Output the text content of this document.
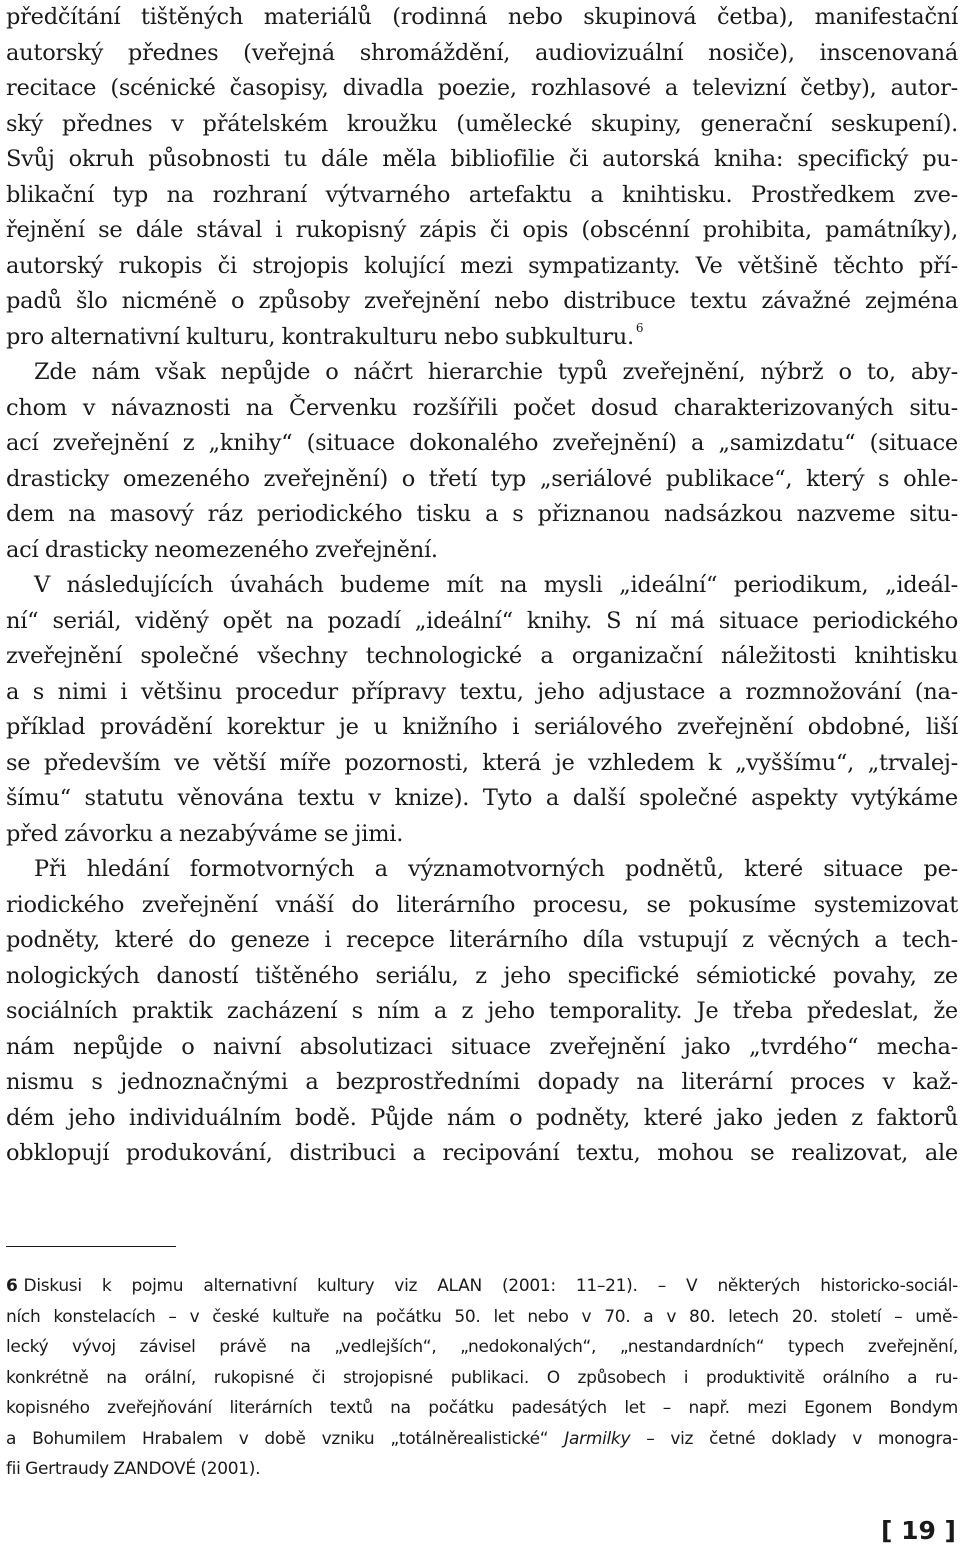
předčítání tištěných materiálů (rodinná nebo skupinová četba), manifestační
autorský přednes (veřejná shromáždění, audiovizuální nosiče), inscenovaná
recitace (scénické časopisy, divadla poezie, rozhlasové a televizní četby), autor-
ský přednes v přátelském kroužku (umělecké skupiny, generační seskupení).
Svůj okruh působnosti tu dále měla bibliofilie či autorská kniha: specifický pu-
blikační typ na rozhraní výtvarného artefaktu a knihtisku. Prostředkem zve-
řejnění se dále stával i rukopisný zápis či opis (obscénní prohibita, památníky),
autorský rukopis či strojopis kolující mezi sympatizanty. Ve většině těchto pří-
padů šlo nicméně o způsoby zveřejnění nebo distribuce textu závažné zejména
pro alternativní kulturu, kontrakulturu nebo subkulturu. $^6$
Zde nám však nepůjde o náčrt hierarchie typů zveřejnění, nýbrž o to, aby-
chom v návaznosti na Červenku rozšířili počet dosud charakterizovaných situ-
ací zveřejnění z „knihy“ (situace dokonalého zveřejnění) a „samizdatu“ (situace
drasticky omezeného zveřejnění) o třetí typ „seriálové publikace“, který s ohle-
dem na masový ráz periodického tisku a s přiznanou nadsázkou nazveme situ-
ací drasticky neomezeného zveřejnění.
V následujících úvahách budeme mít na mysli „ideální“ periodikum, „ideál-
ní“ seriál, viděný opět na pozadí „ideální“ knihy. S ní má situace periodického
zveřejnění společné všechny technologické a organizační náležitosti knihtisku
a s nimi i většinu procedur přípravy textu, jeho adjustace a rozmnožování (na-
příklad provádění korektur je u knižního i seriálového zveřejnění obdobné, liší
se především ve větší míře pozornosti, která je vzhledem k „vyššímu“, „trvalej-
šímu“ statutu věnována textu v knize). Tyto a další společné aspekty vytýkáme
před závorku a nezabýváme se jimi.
Při hledání formotvorných a významotvorných podnětů, které situace pe-
riodického zveřejnění vnáší do literárního procesu, se pokusíme systemizovat
podněty, které do geneze i recepce literárního díla vstupují z věcných a tech-
nologických daností tištěného seriálu, z jeho specifické sémiotické povahy, ze
sociálních praktik zacházení s ním a z jeho temporality. Je třeba předeslat, že
nám nepůjde o naivní absolutizaci situace zveřejnění jako „tvrdého“ mecha-
nismu s jednoznačnými a bezprostředními dopady na literární proces v kaž-
dém jeho individuálním bodě. Půjde nám o podněty, které jako jeden z faktorů
obklopují produkování, distribuci a recipování textu, mohou se realizovat, ale
6 Diskusi k pojmu alternativní kultury viz ALAN (2001: 11–21). – V některých historicko-sociál-
ních konstelacích – v české kultuře na počátku 50. let nebo v 70. a v 80. letech 20. století – umě-
lecký vývoj závisel právě na „vedlejších“, „nedokonalých“, „nestandardních“ typech zveřejnění,
konkrétně na orální, rukopisné či strojopisné publikaci. O způsobech i produktivitě orálního a ru-
kopisného zveřejňování literárních textů na počátku padesátých let – např. mezi Egonem Bondym
a Bohumilem Hrabalem v době vzniku „totálněrealistické“ Jarmilky – viz četné doklady v monogra-
fii Gertraudy ZANDOVÉ (2001).
[ 19 ]
